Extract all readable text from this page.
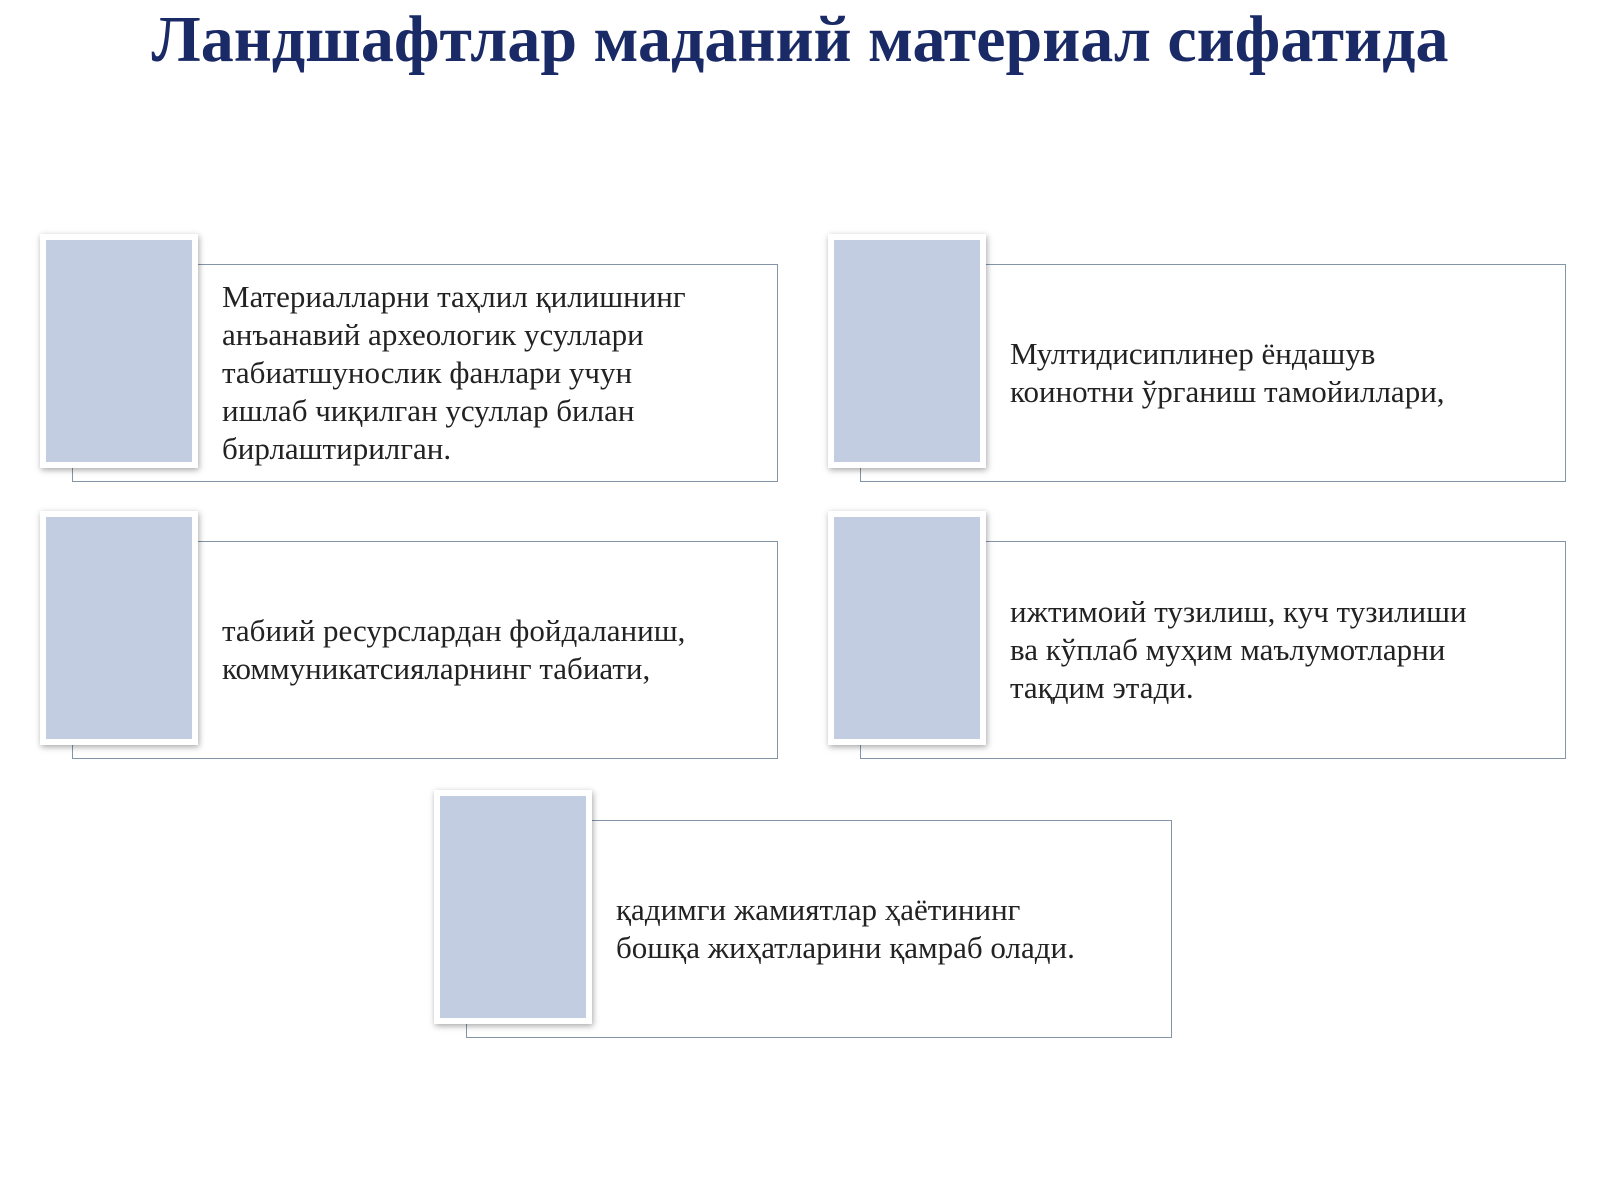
Ландшафтлар маданий материал сифатида
Материалларни таҳлил қилишнинг
анъанавий археологик усуллари
табиатшунослик фанлари учун
ишлаб чиқилган усуллар билан
бирлаштирилган.
Мултидисиплинер ёндашув
коинотни ўрганиш тамойиллари,
табиий ресурслардан фойдаланиш,
коммуникатсияларнинг табиати,
ижтимоий тузилиш, куч тузилиши
ва кўплаб муҳим маълумотларни
тақдим этади.
қадимги жамиятлар ҳаётининг
бошқа жиҳатларини қамраб олади.
